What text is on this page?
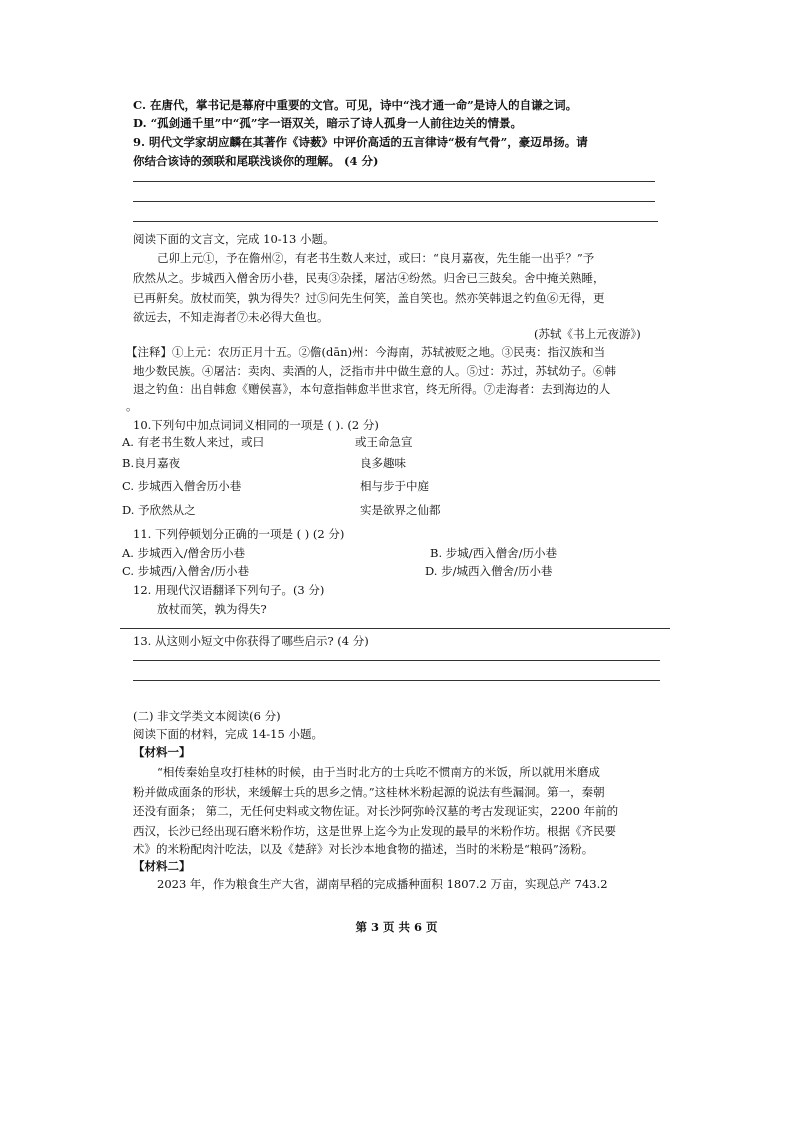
C. 在唐代，掌书记是幕府中重要的文官。可见，诗中“浅才通一命”是诗人的自谦之词。
D. “孤剑通千里”中“孤”字一语双关，暗示了诗人孤身一人前往边关的情景。
9. 明代文学家胡应麟在其著作《诗薮》中评价高适的五言律诗“极有气骨”，豪迈昂扬。请
你结合该诗的颈联和尾联浅谈你的理解。 (4 分)
阅读下面的文言文，完成 10-13 小题。
己卯上元①，予在儋州②，有老书生数人来过，或曰：“良月嘉夜，先生能一出乎？”予
欣然从之。步城西入僧舍历小巷，民夷③杂揉，屠沽④纷然。归舍已三鼓矣。舍中掩关熟睡，
已再鼾矣。放杖而笑，孰为得失？过⑤问先生何笑，盖自笑也。然亦笑韩退之钓鱼⑥无得，更
欲远去，不知走海者⑦未必得大鱼也。
(苏轼《书上元夜游》)
【注释】①上元：农历正月十五。②儋(dān)州：今海南，苏轼被贬之地。③民夷：指汉族和当
地少数民族。④屠沽：卖肉、卖酒的人，泛指市井中做生意的人。⑤过：苏过，苏轼幼子。⑥韩
退之钓鱼：出自韩愈《赠侯喜》，本句意指韩愈半世求官，终无所得。⑦走海者：去到海边的人
。
10.下列句中加点词词义相同的一项是 ( ). (2 分)
A. 有老书生数人来过，或曰	或王命急宣
B.良月嘉夜	良多趣味
C. 步城西入僧舍历小巷	相与步于中庭
D. 予欣然从之	实是欲界之仙都
11. 下列停顿划分正确的一项是 ( ) (2 分)
A. 步城西入/僧舍历小巷	B. 步城/西入僧舍/历小巷
C. 步城西/入僧舍/历小巷	D. 步/城西入僧舍/历小巷
12. 用现代汉语翻译下列句子。(3 分)
放杖而笑，孰为得失?
13. 从这则小短文中你获得了哪些启示? (4 分)
(二) 非文学类文本阅读(6 分)
阅读下面的材料，完成 14-15 小题。
【材料一】
“相传秦始皇攻打桂林的时候，由于当时北方的士兵吃不惯南方的米饭，所以就用米磨成
粉并做成面条的形状，来缓解士兵的思乡之情。”这桂林米粉起源的说法有些漏洞。第一，秦朝
还没有面条； 第二，无任何史料或文物佐证。对长沙阿弥岭汉墓的考古发现证实，2200 年前的
西汉，长沙已经出现石磨米粉作坊，这是世界上迄今为止发现的最早的米粉作坊。根据《齐民要
术》的米粉配肉汁吃法，以及《楚辞》对长沙本地食物的描述，当时的米粉是“粮码”汤粉。
【材料二】
2023 年，作为粮食生产大省，湖南早稻的完成播种面积 1807.2 万亩，实现总产 743.2
第 3 页 共 6 页
